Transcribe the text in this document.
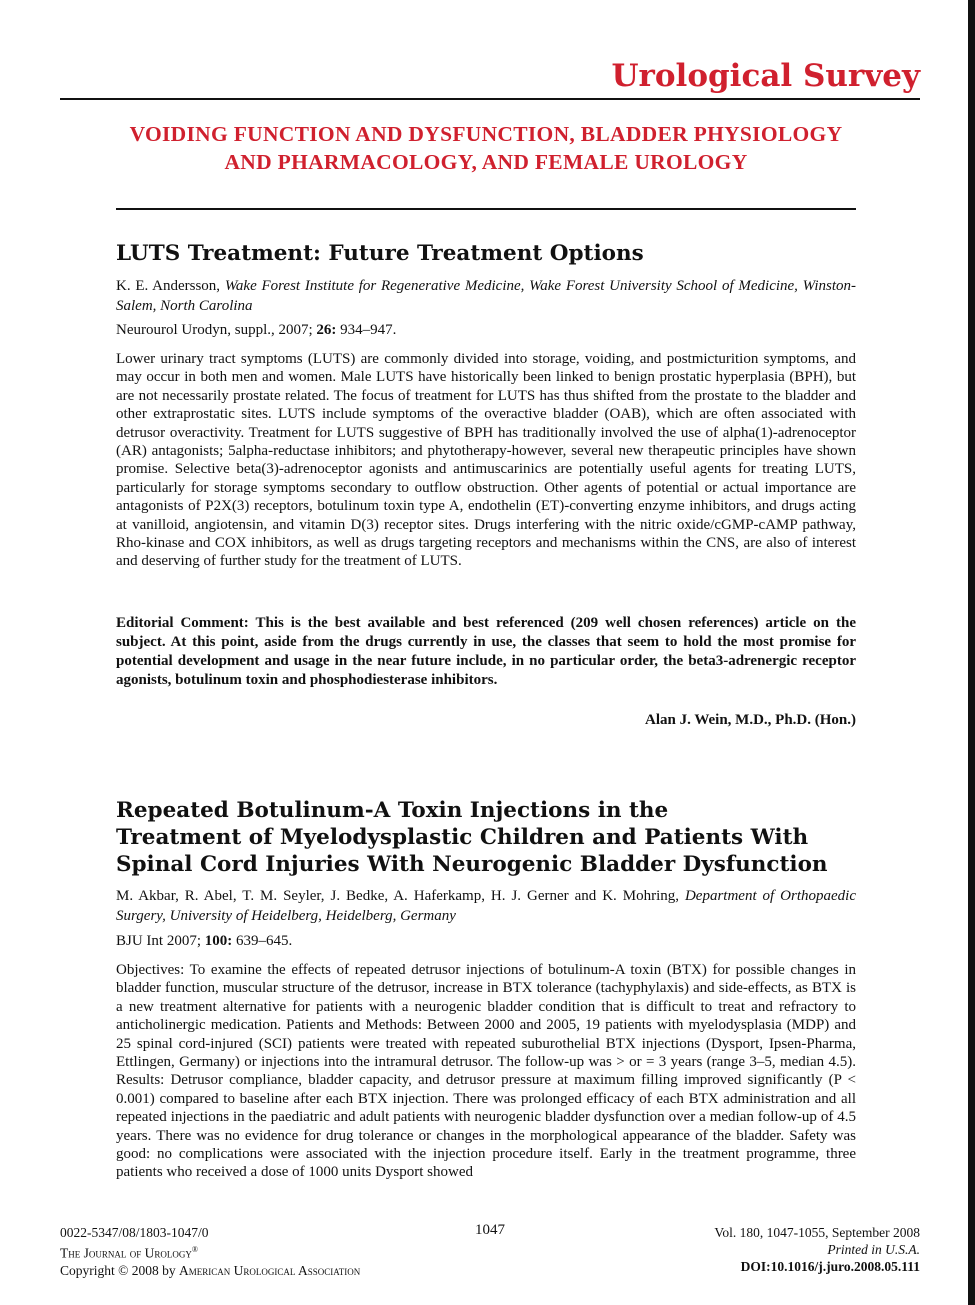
Urological Survey
VOIDING FUNCTION AND DYSFUNCTION, BLADDER PHYSIOLOGY AND PHARMACOLOGY, AND FEMALE UROLOGY
LUTS Treatment: Future Treatment Options
K. E. Andersson, Wake Forest Institute for Regenerative Medicine, Wake Forest University School of Medicine, Winston-Salem, North Carolina
Neurourol Urodyn, suppl., 2007; 26: 934–947.
Lower urinary tract symptoms (LUTS) are commonly divided into storage, voiding, and postmicturition symptoms, and may occur in both men and women. Male LUTS have historically been linked to benign prostatic hyperplasia (BPH), but are not necessarily prostate related. The focus of treatment for LUTS has thus shifted from the prostate to the bladder and other extraprostatic sites. LUTS include symptoms of the overactive bladder (OAB), which are often associated with detrusor overactivity. Treatment for LUTS suggestive of BPH has traditionally involved the use of alpha(1)-adrenoceptor (AR) antagonists; 5alpha-reductase inhibitors; and phytotherapy-however, several new therapeutic principles have shown promise. Selective beta(3)-adrenoceptor agonists and antimuscarinics are potentially useful agents for treating LUTS, particularly for storage symptoms secondary to outflow obstruction. Other agents of potential or actual importance are antagonists of P2X(3) receptors, botulinum toxin type A, endothelin (ET)-converting enzyme inhibitors, and drugs acting at vanilloid, angiotensin, and vitamin D(3) receptor sites. Drugs interfering with the nitric oxide/cGMP-cAMP pathway, Rho-kinase and COX inhibitors, as well as drugs targeting receptors and mechanisms within the CNS, are also of interest and deserving of further study for the treatment of LUTS.
Editorial Comment: This is the best available and best referenced (209 well chosen references) article on the subject. At this point, aside from the drugs currently in use, the classes that seem to hold the most promise for potential development and usage in the near future include, in no particular order, the beta3-adrenergic receptor agonists, botulinum toxin and phosphodiesterase inhibitors.
Alan J. Wein, M.D., Ph.D. (Hon.)
Repeated Botulinum-A Toxin Injections in the
Treatment of Myelodysplastic Children and Patients With
Spinal Cord Injuries With Neurogenic Bladder Dysfunction
M. Akbar, R. Abel, T. M. Seyler, J. Bedke, A. Haferkamp, H. J. Gerner and K. Mohring, Department of Orthopaedic Surgery, University of Heidelberg, Heidelberg, Germany
BJU Int 2007; 100: 639–645.
Objectives: To examine the effects of repeated detrusor injections of botulinum-A toxin (BTX) for possible changes in bladder function, muscular structure of the detrusor, increase in BTX tolerance (tachyphylaxis) and side-effects, as BTX is a new treatment alternative for patients with a neurogenic bladder condition that is difficult to treat and refractory to anticholinergic medication. Patients and Methods: Between 2000 and 2005, 19 patients with myelodysplasia (MDP) and 25 spinal cord-injured (SCI) patients were treated with repeated suburothelial BTX injections (Dysport, Ipsen-Pharma, Ettlingen, Germany) or injections into the intramural detrusor. The follow-up was > or = 3 years (range 3–5, median 4.5). Results: Detrusor compliance, bladder capacity, and detrusor pressure at maximum filling improved significantly (P < 0.001) compared to baseline after each BTX injection. There was prolonged efficacy of each BTX administration and all repeated injections in the paediatric and adult patients with neurogenic bladder dysfunction over a median follow-up of 4.5 years. There was no evidence for drug tolerance or changes in the morphological appearance of the bladder. Safety was good: no complications were associated with the injection procedure itself. Early in the treatment programme, three patients who received a dose of 1000 units Dysport showed
0022-5347/08/1803-1047/0
The Journal of Urology®
Copyright © 2008 by American Urological Association
1047	Vol. 180, 1047-1055, September 2008
Printed in U.S.A.
DOI:10.1016/j.juro.2008.05.111
